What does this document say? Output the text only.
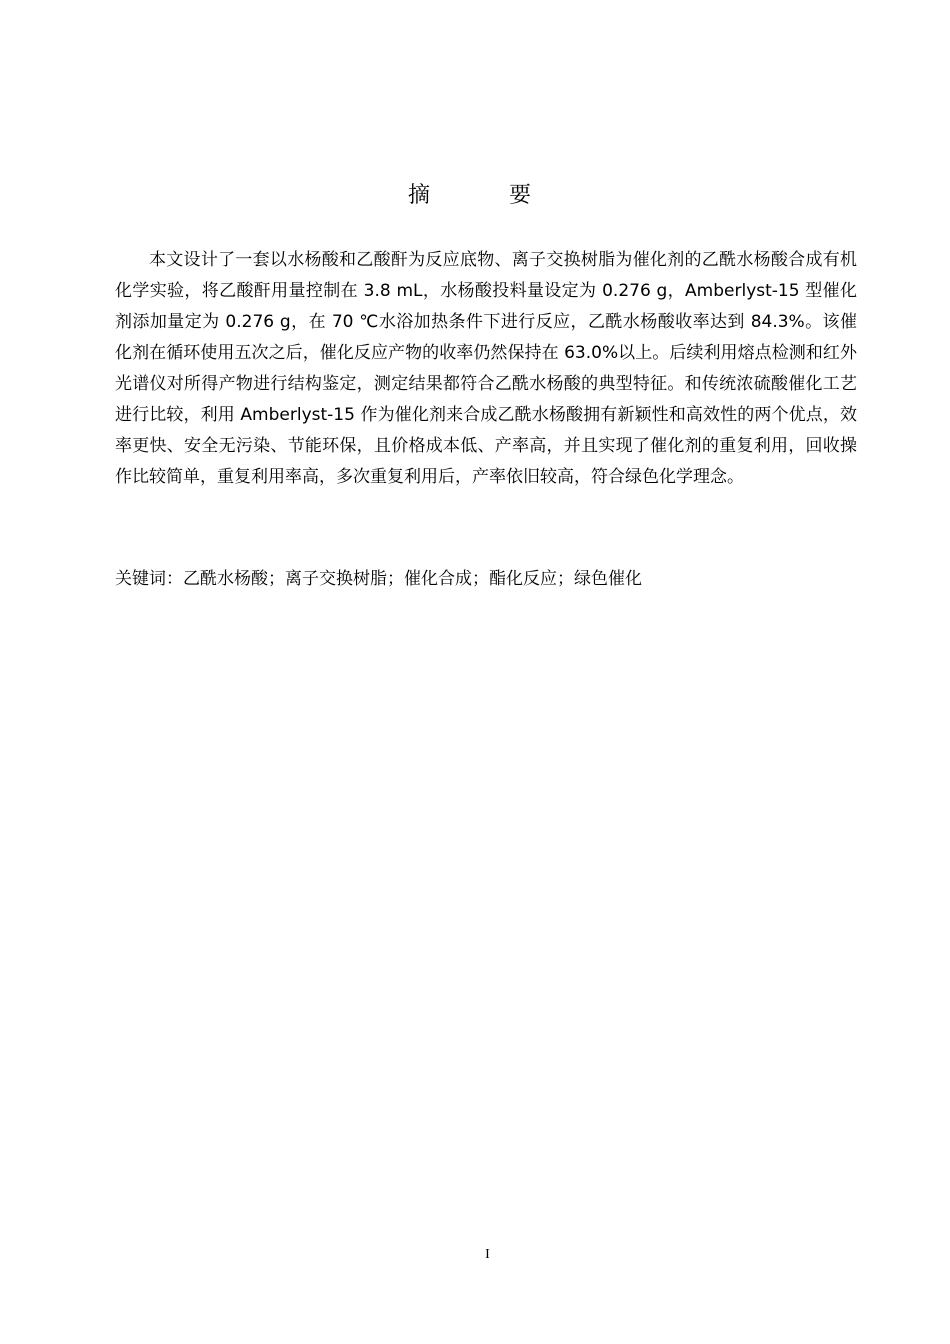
摘 要

本文设计了一套以水杨酸和乙酸酐为反应底物、离子交换树脂为催化剂的乙酰水杨酸合成有机化学实验，将乙酸酐用量控制在 3.8 mL，水杨酸投料量设定为 0.276 g，Amberlyst-15 型催化剂添加量定为 0.276 g，在 70 ℃水浴加热条件下进行反应，乙酰水杨酸收率达到 84.3%。该催化剂在循环使用五次之后，催化反应产物的收率仍然保持在 63.0%以上。后续利用熔点检测和红外光谱仪对所得产物进行结构鉴定，测定结果都符合乙酰水杨酸的典型特征。和传统浓硫酸催化工艺进行比较，利用 Amberlyst-15 作为催化剂来合成乙酰水杨酸拥有新颖性和高效性的两个优点，效率更快、安全无污染、节能环保，且价格成本低、产率高，并且实现了催化剂的重复利用，回收操作比较简单，重复利用率高，多次重复利用后，产率依旧较高，符合绿色化学理念。

关键词：乙酰水杨酸；离子交换树脂；催化合成；酯化反应；绿色催化

I
